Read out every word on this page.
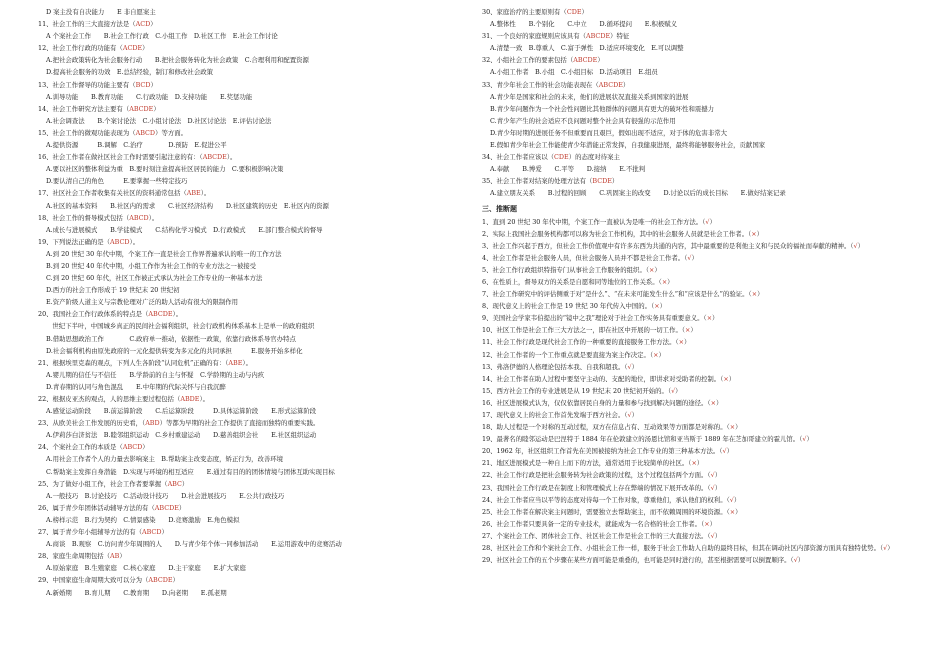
D 案主没有自决能力　　E 非自愿案主
11、社会工作的三大直接方法是（ACD）
A 个案社会工作　　B.社会工作行政　C.小组工作　D.社区工作　E.社会工作讨论
12、社会工作行政的功能有（ACDE）
A.把社会政策转化为社会服务行动　　B.把社会服务转化为社会政策　C.合理利用和配置资源
D.提高社会服务的功效　E.总结经验，制订和修改社会政策
13、社会工作督导的功能主要有（BCD）
A.训导功能　　B.教育功能　　C.行政功能　D.支持功能　　E.奖惩功能
14、社会工作研究方法主要有（ABCDE）
A.社会调查法　　B.个案讨论法　C.小组讨论法　D.社区讨论法　E.评估讨论法
15、社会工作的微观功能表现为（ABCD）等方面。
A.提供资源　　　B.调解　C.治疗　　　　D.预防　E.促进公平
16、社会工作者在做社区社会工作时需要引起注意的有：（ABCDE）。
A.要以社区的整体利益为重　B.要时刻注意提高社区居民的能力　C.要积极影响决策
D.要认清自己的角色　　　E.要掌握一些特定技巧
17、社区社会工作者收集有关社区的资料通常包括（ABE）。
A.社区的基本资料　　B.社区内的需求　　C.社区经济结构　　D.社区建筑的历史　E.社区内的资源
18、社会工作的督导模式包括（ABCD）。
A.成长与进展模式　　B.学徒模式　　C.结构化学习模式　D.行政模式　　E.部门整合模式的督导
19、下列说法正确的是（ABCD）。
A.到 20 世纪 30 年代中期，个案工作一直是社会工作界普遍承认的唯一的工作方法
B.到 20 世纪 40 年代中期，小组工作作为社会工作的专业方法之一被接受
C.到 20 世纪 60 年代，社区工作被正式承认为社会工作专业的一种基本方法
D.西方的社会工作形成于 19 世纪末 20 世纪初
E.资产阶级人道主义与宗教伦理对广泛的助人活动有很大的限制作用
20、我国社会工作行政体系的特点是（ABCDE）。
　世纪下半叶，中国城乡真正的民间社会福利组织，社会行政机构体系基本上是单一的政府组织
B.借助思想政治工作　　　　C.政府单一推动，依据性一政策，依靠行政体系导官办特点
D.社会福利机构由原先政府的一元化提供转变为多元化的共同承担　　　E.服务开始多样化
21、根据埃里克森的观点，下列人生各阶段“认同危机”正确的有：（ABE）。
A.婴儿期的信任与不信任　　B.学龄前的自主与怀疑　C.学龄期的主动与内疚
D.青春期的认同与角色混乱　　E.中年期的代际关怀与自我沉醉
22、根据皮亚杰的观点，人的思维主要过程包括（ABDE）。
A.感觉运动阶段　　B.前运算阶段　　C.后运算阶段　　　D.具体运算阶段　　E.形式运算阶段
23、从欧美社会工作发展的历史看，（ABD）等都为早期的社会工作提供了直接而独特的重要实践。
A.伊莉莎白济贫法　B.睦邻组织运动　C.乡村重建运动　　D.慈善组织会社　　E.社区组织运动
24、个案社会工作的本质是（ABCD）
A.用社会工作者个人的力量去影响案主　B.帮助案主改变态度，矫正行为，改善环境
C.帮助案主发挥自身潜能　D.实现与环境的相互适应　　E.通过有目的的团体情境与团体互助实现目标
25、为了做好小组工作，社会工作者要掌握（ABC）
A.一般技巧　B.讨论技巧　C.活动设计技巧　　D.社会进展技巧　　E.公共行政技巧
26、属于青少年团体活动辅导方法的有（ABCDE）
A.榜样示范　B.行为契约　C.情景感染　　D.竞赛激励　E.角色模拟
27、属于青少年小组辅导方法的有（ABCD）
A.商谈　B.观察　C.访问青少年周围的人　　D.与青少年个体一同参加活动　　E.运用游戏中的竞赛活动
28、家庭生命周期包括（AB）
A.原始家庭　B.生殖家庭　C.核心家庭　　D.主干家庭　　E.扩大家庭
29、中国家庭生命周期大致可以分为（ABCDE）
A.新婚期　　B.育儿期　　C.教育期　　D.向老期　　E.孤老期
30、家庭治疗的主要原则有（CDE）
A.整体性　　B.个别化　　C.中立　　D.循环提问　　E.积极赋义
31、一个良好的家庭规则应该具有（ABCDE）特征
A.清楚一致　B.尊重人　C.富于弹性　D.适应环境变化　E.可以调整
32、小组社会工作的要素包括（ABCDE）
A.小组工作者　B.小组　C.小组目标　D.活动项目　E.组员
33、青少年社会工作的社会功能表现在（ABCDE）
A.青少年是国家和社会的未来，他们的进展状况直接关系到国家的进展
B.青少年问题作为一个社会性问题比其他群体的问题具有更大的破坏性和震撼力
C.青少年产生的社会适应不良问题对整个社会具有很强的示范作用
D.青少年时期的进展任务不但重要而且艰巨，假如出现不适应，对于体的危害非常大
E.假如青少年社会工作能使青少年潜能正常发挥，自我健康进展，最终将能够服务社会，贡献国家
34、社会工作者应该以（CDE）的态度对待案主
A.奉献　　B.博爱　　C.平等　　D.接纳　　E.不批判
35、社会工作者对结案的处理方法有（BCDE）
A.建立朋友关系　　B.过程的回顾　　C.巩固案主的改变　　D.讨论以后的成长目标　　E.做好结案记录
三、推断题
1、直到 20 世纪 30 年代中期，个案工作一直被认为是唯一的社会工作方法。（√）
2、实际上我国社会服务机构都可以称为社会工作机构，其中的社会服务人员就是社会工作者。（×）
3、社会工作兴起于西方，但社会工作价值观中有许多东西为共通的内容，其中最重要的是利他主义和与民众的福祉而奉献的精神。（√）
4、社会工作者是社会服务人员，但社会服务人员并不都是社会工作者。（√）
5、社会工作行政组织特指专门从事社会工作服务的组织。（×）
6、在性质上，督导双方的关系是自愿和同等地位的工作关系。（×）
7、社会工作研究中的评估侧重于对“是什么”、“在未来可能发生什么”和“应该是什么”的验证。（×）
8、现代意义上的社会工作是 19 世纪 30 年代传入中国的。（×）
9、美国社会学家韦伯提出的“镜中之我”理论对于社会工作实务具有重要意义。（×）
10、社区工作是社会工作三大方法之一，即在社区中开展的一切工作。（×）
11、社会工作行政是现代社会工作的一种重要的直接服务工作方法。（×）
12、社会工作者的一个工作重点就是要直接为案主作决定。（×）
13、弗洛伊德的人格理论包括本我、自我和超我。（√）
14、社会工作者在助人过程中要坚守主动的、支配的地位，即讲求对受助者的控制。（×）
15、西方社会工作的专业进展是从 19 世纪末 20 世纪初开始的。（√）
16、社区进展模式认为，仅仅依靠居民自身的力量和参与找到解决问题的途径。（×）
17、现代意义上的社会工作首先发端于西方社会。（√）
18、助人过程是一个对称的互动过程，双方在信息占有、互动效果等方面都是对称的。（×）
19、最著名的睦邻运动是巴涅特于 1884 年在伦敦建立的汤恩比馆和亚当斯于 1889 年在芝加哥建立的霍儿馆。（√）
20、1962 年，社区组织工作首先在美国被接纳为社会工作专业的第三种基本方法。（√）
21、地区进展模式是一种自上而下的方法，通常适用于比较简单的社区。（×）
22、社会工作行政是把社会服务转为社会政策的过程，这个过程包括两个方面。（√）
23、我国社会工作行政是在制度上和管理模式上存在弊端的情况下展开改革的。（√）
24、社会工作者应当以平等的态度对待每一个工作对象，尊重他们，承认他们的权利。（√）
25、社会工作者在解决案主问题时，需要独立去帮助案主，而不依赖周围的环境资源。（×）
26、社会工作者只要具备一定的专业技术，就能成为一名合格的社会工作者。（×）
27、个案社会工作、团体社会工作、社区社会工作是社会工作的三大直接方法。（√）
28、社区社会工作和个案社会工作、小组社会工作一样，服务于社会工作助人自助的最终目标，但其在调动社区内部资源方面具有独特优势。（√）
29、社区社会工作的五个步骤在某些方面可能是重叠的，也可能是同时进行的，甚至根据需要可以倒置顺序。（√）
